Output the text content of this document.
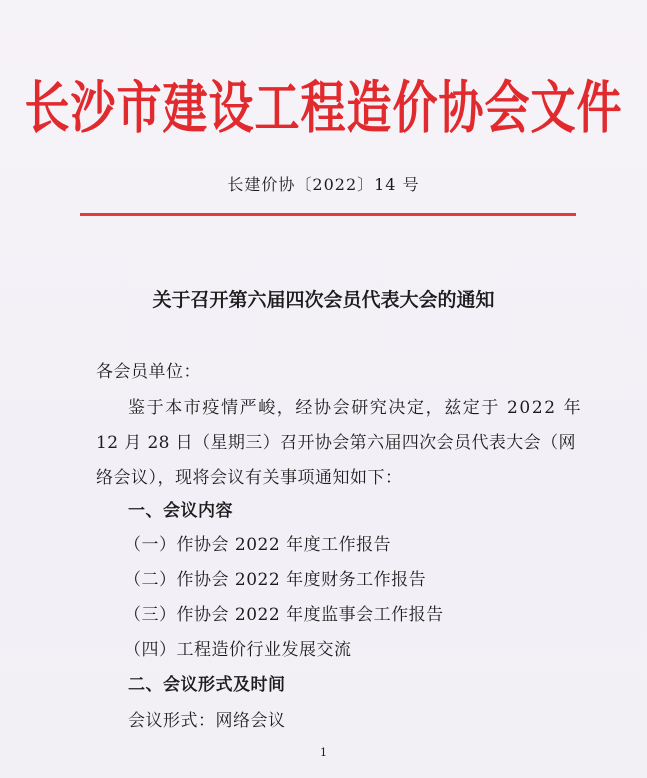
长沙市建设工程造价协会文件
长建价协〔2022〕14 号
关于召开第六届四次会员代表大会的通知
各会员单位：
鉴于本市疫情严峻，经协会研究决定，兹定于 2022 年
12 月 28 日（星期三）召开协会第六届四次会员代表大会（网
络会议），现将会议有关事项通知如下：
一、会议内容
（一）作协会 2022 年度工作报告
（二）作协会 2022 年度财务工作报告
（三）作协会 2022 年度监事会工作报告
（四）工程造价行业发展交流
二、会议形式及时间
会议形式：网络会议
1
